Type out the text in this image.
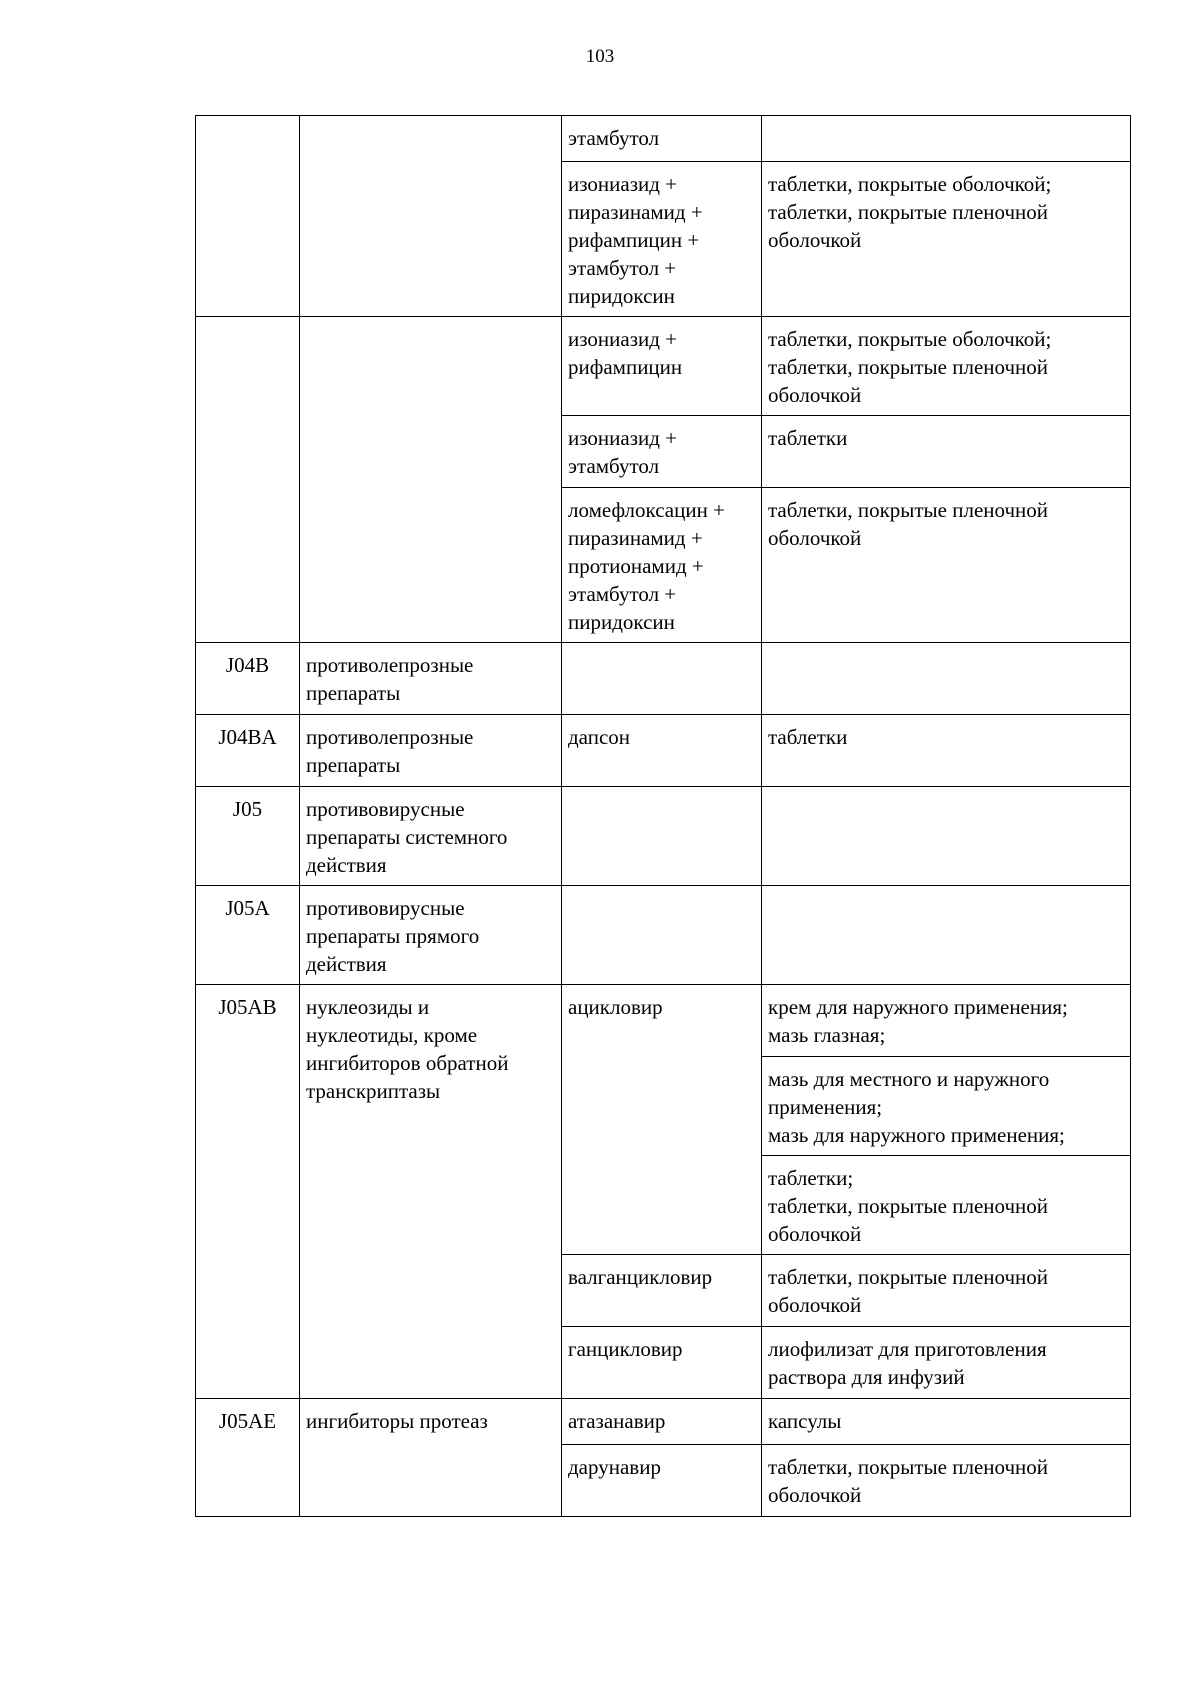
103
		этамбутол	
		изониазид +
пиразинамид +
рифампицин +
этамбутол +
пиридоксин	таблетки, покрытые оболочкой;
таблетки, покрытые пленочной
оболочкой
		изониазид +
рифампицин	таблетки, покрытые оболочкой;
таблетки, покрытые пленочной
оболочкой
		изониазид +
этамбутол	таблетки
		ломефлоксацин +
пиразинамид +
протионамид +
этамбутол +
пиридоксин	таблетки, покрытые пленочной
оболочкой
J04B	противолепрозные
препараты		
J04BA	противолепрозные
препараты	дапсон	таблетки
J05	противовирусные
препараты системного
действия		
J05A	противовирусные
препараты прямого
действия		
J05AB	нуклеозиды и
нуклеотиды, кроме
ингибиторов обратной
транскриптазы	ацикловир	крем для наружного применения;
мазь глазная;
			мазь для местного и наружного
применения;
мазь для наружного применения;
			таблетки;
таблетки, покрытые пленочной
оболочкой
		валганцикловир	таблетки, покрытые пленочной
оболочкой
		ганцикловир	лиофилизат для приготовления
раствора для инфузий
J05AE	ингибиторы протеаз	атазанавир	капсулы
		дарунавир	таблетки, покрытые пленочной
оболочкой
